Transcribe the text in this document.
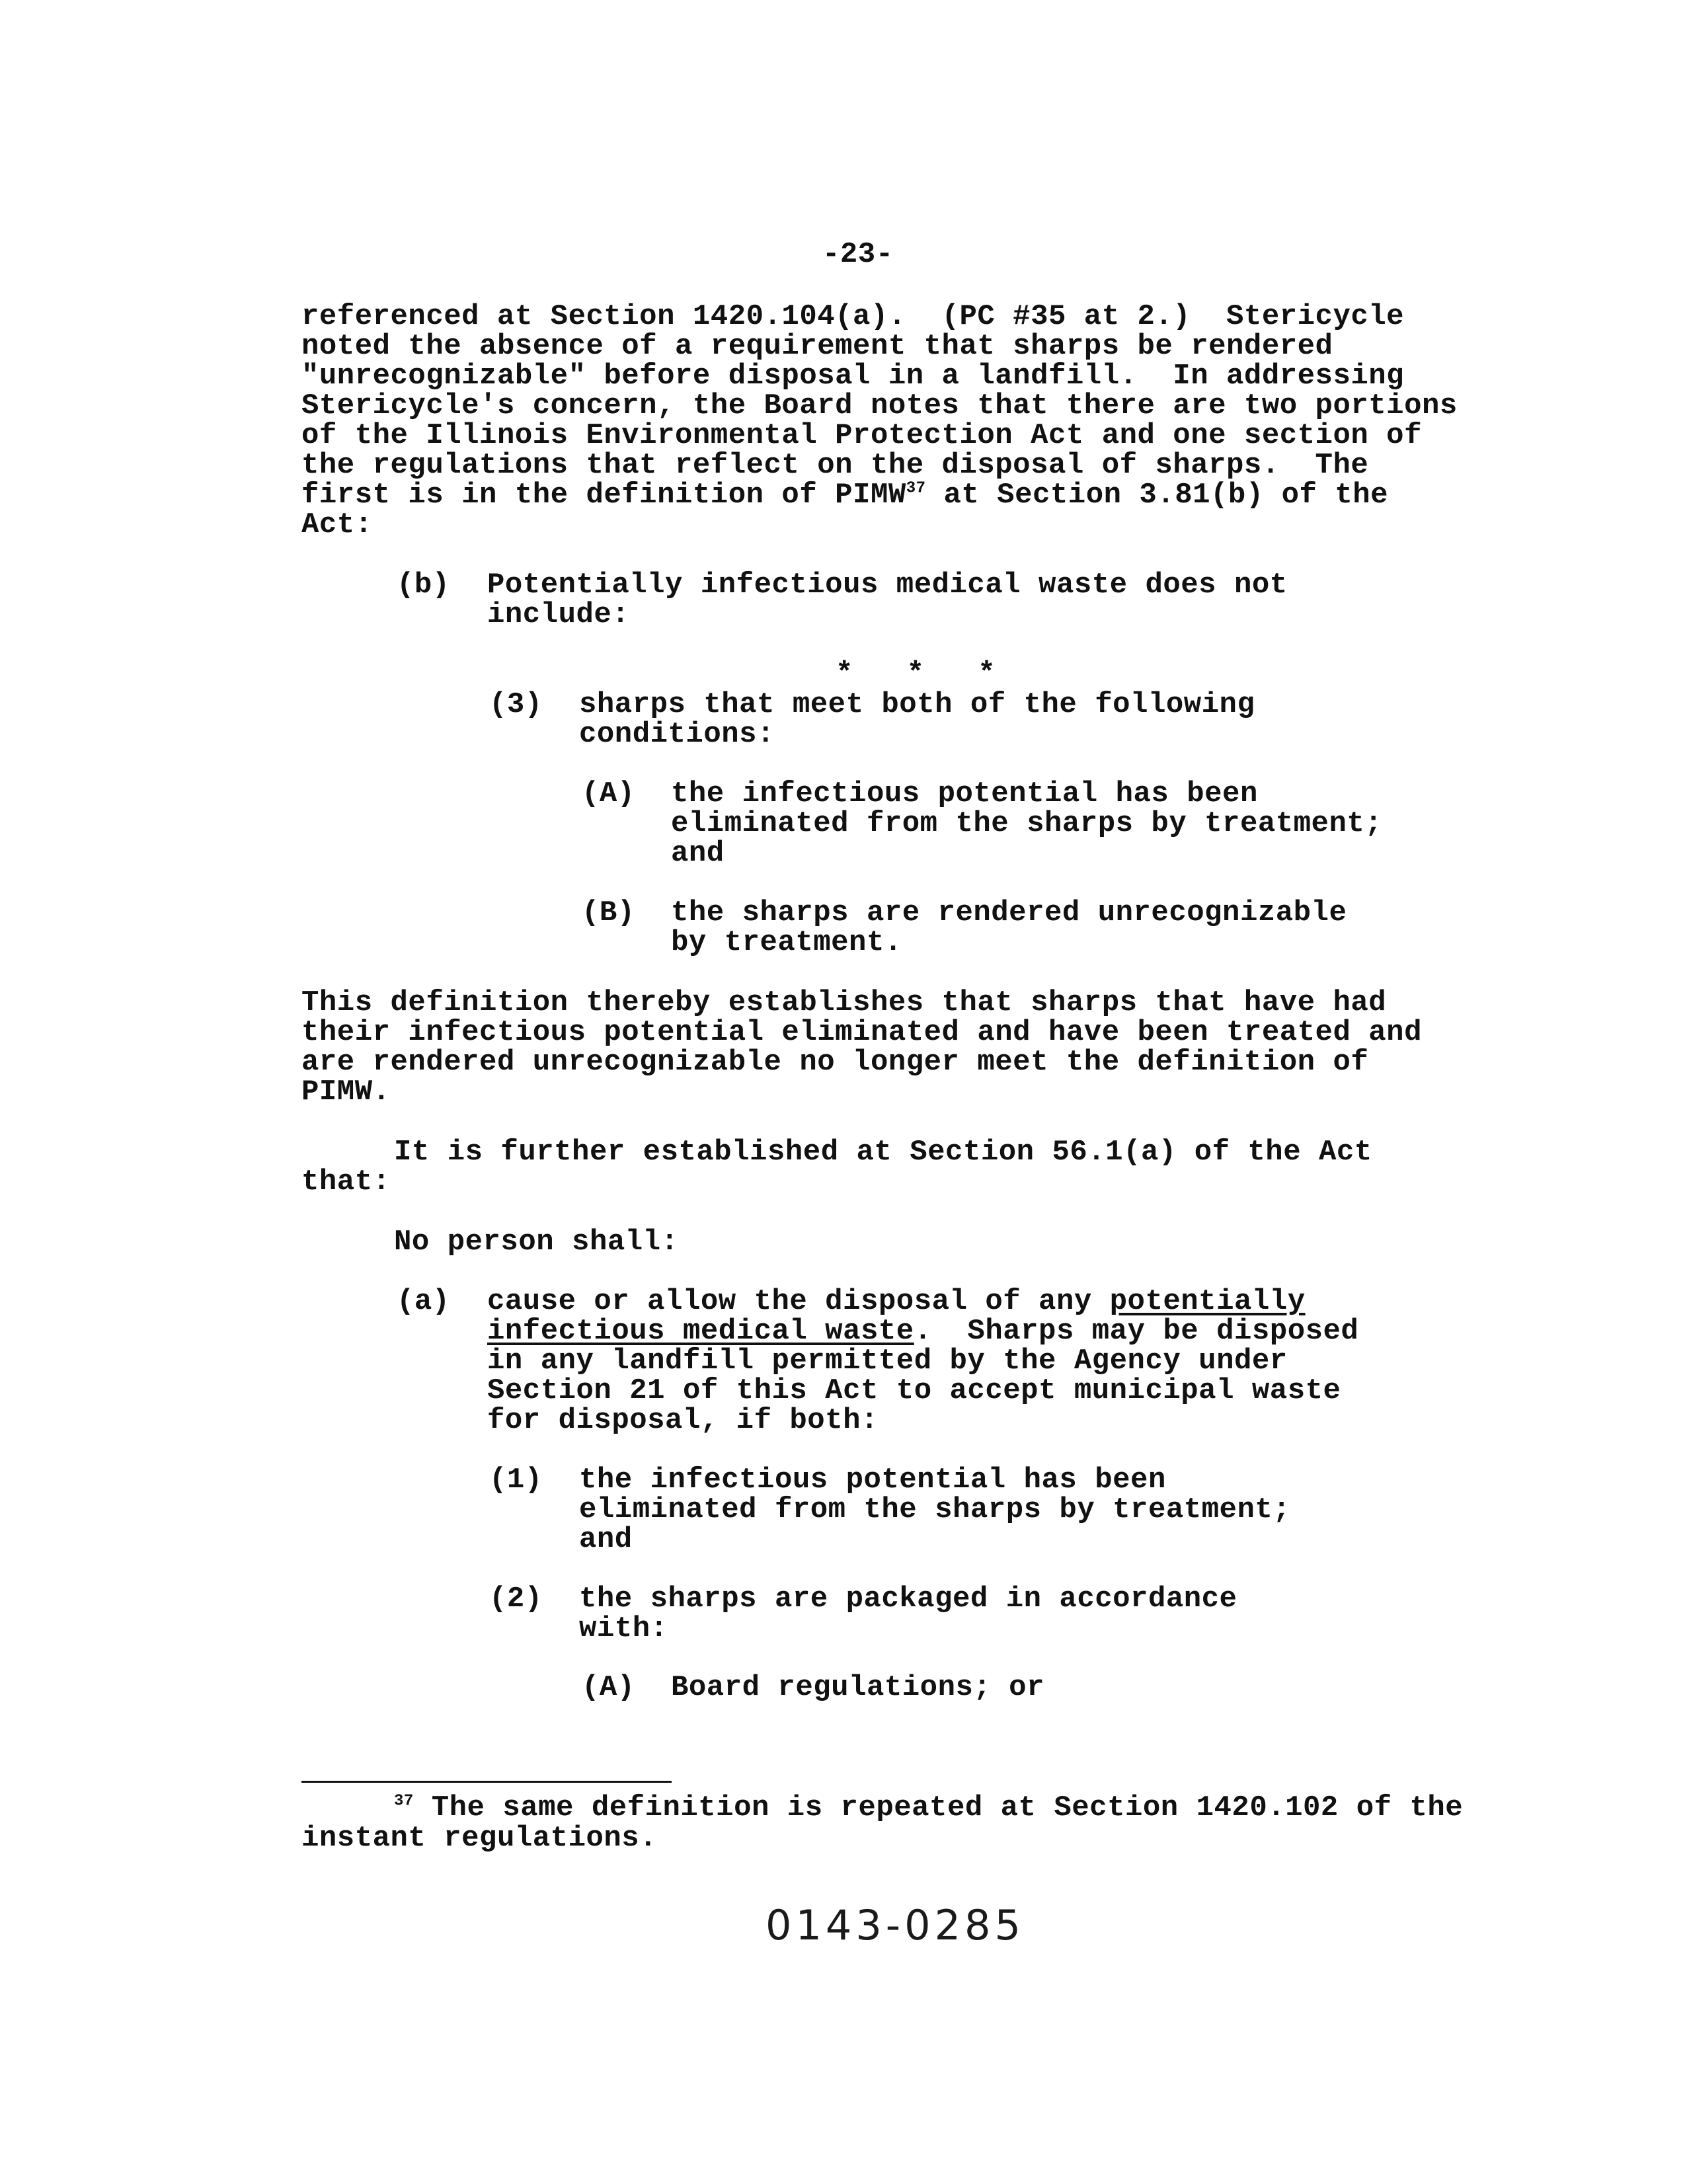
-23-
referenced at Section 1420.104(a).  (PC #35 at 2.)  Stericycle
noted the absence of a requirement that sharps be rendered
"unrecognizable" before disposal in a landfill.  In addressing
Stericycle's concern, the Board notes that there are two portions
of the Illinois Environmental Protection Act and one section of
the regulations that reflect on the disposal of sharps.  The
first is in the definition of PIMW$^{37}$ at Section 3.81(b) of the
Act:
(b) Potentially infectious medical waste does not
include:
*   *   *
(3) sharps that meet both of the following
conditions:
(A) the infectious potential has been
eliminated from the sharps by treatment;
and
(B) the sharps are rendered unrecognizable
by treatment.
This definition thereby establishes that sharps that have had
their infectious potential eliminated and have been treated and
are rendered unrecognizable no longer meet the definition of
PIMW.
It is further established at Section 56.1(a) of the Act
that:
No person shall:
(a) cause or allow the disposal of any potentially
infectious medical waste.  Sharps may be disposed
in any landfill permitted by the Agency under
Section 21 of this Act to accept municipal waste
for disposal, if both:
(1) the infectious potential has been
eliminated from the sharps by treatment;
and
(2) the sharps are packaged in accordance
with:
(A) Board regulations; or
$^{37}$ The same definition is repeated at Section 1420.102 of the
instant regulations.
0143-0285
